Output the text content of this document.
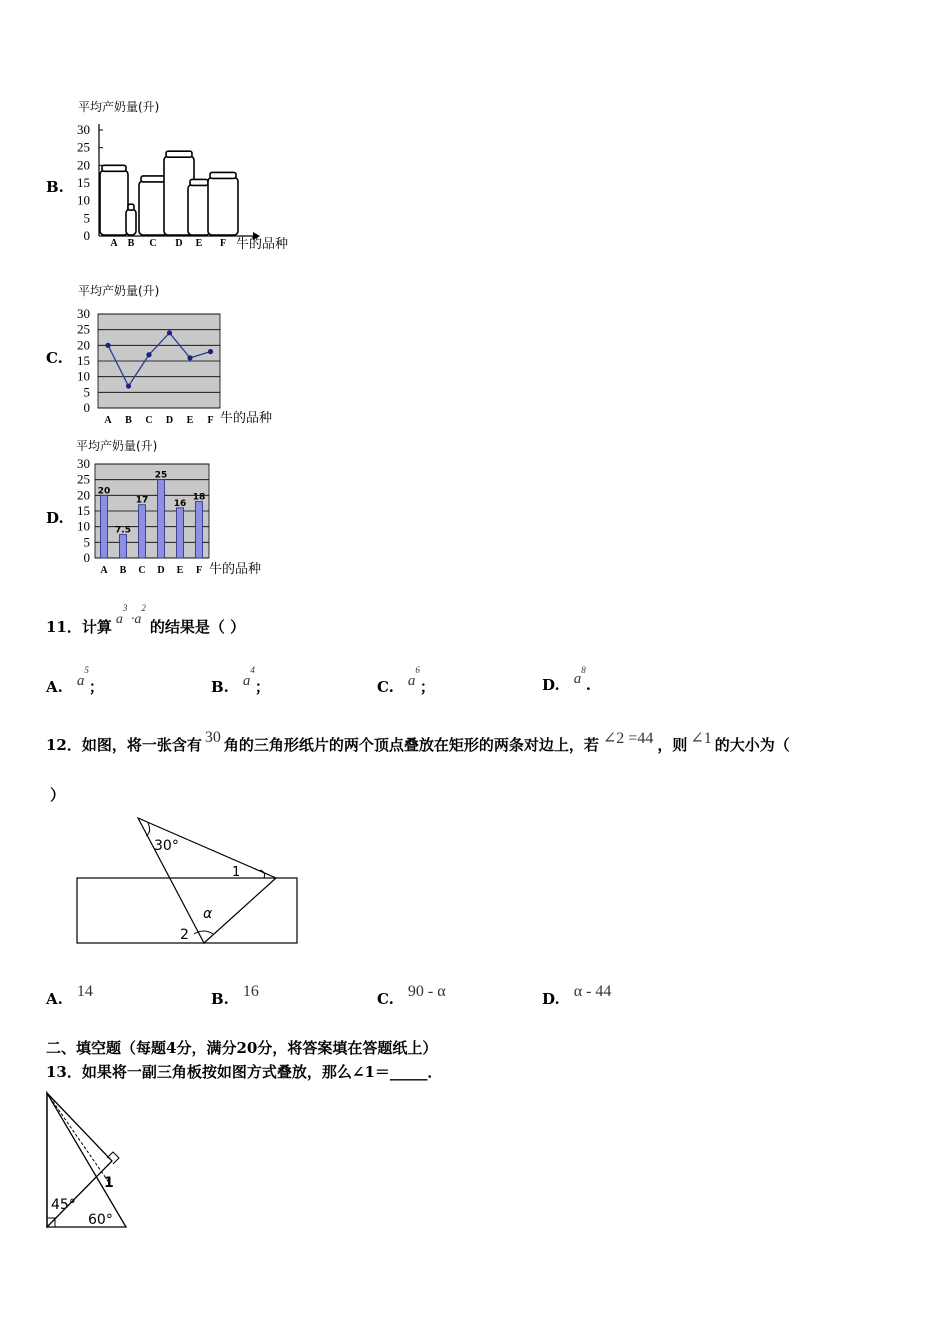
B.
平均产奶量(升)
0
5
10
15
20
25
30
A B C D E F 牛的品种
C.
平均产奶量(升)
0
5
10
15
20
25
30
A B C D E F 牛的品种
D.
平均产奶量(升)
0
5
10
15
20
25
30
20
7.5
17
25
16
18
A B C D E F 牛的品种
11．计算 $a^3 \cdot a^2$的结果是（ ）
A. $a^5$；	B. $a^4$；	C. $a^6$；	D. $a^8$.
12．如图，将一张含有 30 角的三角形纸片的两个顶点叠放在矩形的两条对边上，若 ∠2 =44 ，则 ∠1 的大小为（
）
30°
1
2
α
A. 14	B. 16	C. 90 - α	D. α - 44
二、填空题（每题4分，满分20分，将答案填在答题纸上）
13．如果将一副三角板按如图方式叠放，那么∠1＝_____．
45°
60°
1
